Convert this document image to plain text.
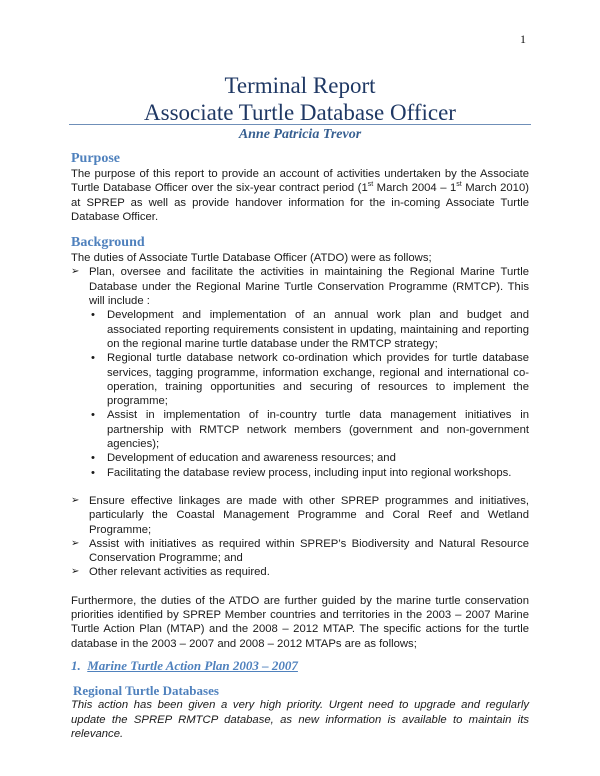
1
Terminal Report
Associate Turtle Database Officer
Anne Patricia Trevor
Purpose

The purpose of this report to provide an account of activities undertaken by the Associate Turtle Database Officer over the six-year contract period (1st March 2004 – 1st March 2010) at SPREP as well as provide handover information for the in-coming Associate Turtle Database Officer.

Background

The duties of Associate Turtle Database Officer (ATDO) were as follows;

➢ Plan, oversee and facilitate the activities in maintaining the Regional Marine Turtle Database under the Regional Marine Turtle Conservation Programme (RMTCP). This will include :
• Development and implementation of an annual work plan and budget and associated reporting requirements consistent in updating, maintaining and reporting on the regional marine turtle database under the RMTCP strategy;
• Regional turtle database network co-ordination which provides for turtle database services, tagging programme, information exchange, regional and international co-operation, training opportunities and securing of resources to implement the programme;
• Assist in implementation of in-country turtle data management initiatives in partnership with RMTCP network members (government and non-government agencies);
• Development of education and awareness resources; and
• Facilitating the database review process, including input into regional workshops.
➢ Ensure effective linkages are made with other SPREP programmes and initiatives, particularly the Coastal Management Programme and Coral Reef and Wetland Programme;
➢ Assist with initiatives as required within SPREP’s Biodiversity and Natural Resource Conservation Programme; and
➢ Other relevant activities as required.

Furthermore, the duties of the ATDO are further guided by the marine turtle conservation priorities identified by SPREP Member countries and territories in the 2003 – 2007 Marine Turtle Action Plan (MTAP) and the 2008 – 2012 MTAP. The specific actions for the turtle database in the 2003 – 2007 and 2008 – 2012 MTAPs are as follows;

1. Marine Turtle Action Plan 2003 – 2007
Regional Turtle Databases

This action has been given a very high priority. Urgent need to upgrade and regularly update the SPREP RMTCP database, as new information is available to maintain its relevance.
